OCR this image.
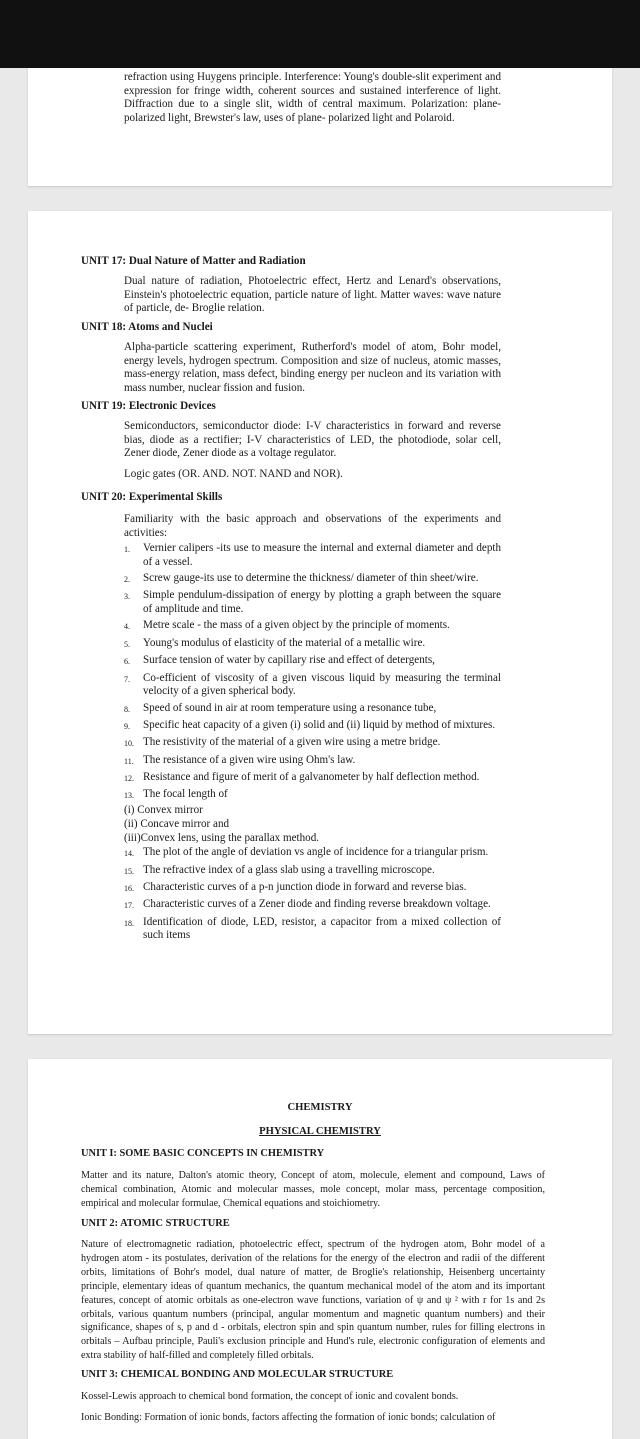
refraction using Huygens principle. Interference: Young's double-slit experiment and expression for fringe width, coherent sources and sustained interference of light. Diffraction due to a single slit, width of central maximum. Polarization: plane-polarized light, Brewster's law, uses of plane- polarized light and Polaroid.

UNIT 17: Dual Nature of Matter and Radiation

Dual nature of radiation, Photoelectric effect, Hertz and Lenard's observations, Einstein's photoelectric equation, particle nature of light. Matter waves: wave nature of particle, de- Broglie relation.

UNIT 18: Atoms and Nuclei

Alpha-particle scattering experiment, Rutherford's model of atom, Bohr model, energy levels, hydrogen spectrum. Composition and size of nucleus, atomic masses, mass-energy relation, mass defect, binding energy per nucleon and its variation with mass number, nuclear fission and fusion.

UNIT 19: Electronic Devices

Semiconductors, semiconductor diode: I-V characteristics in forward and reverse bias, diode as a rectifier; I-V characteristics of LED, the photodiode, solar cell, Zener diode, Zener diode as a voltage regulator.

Logic gates (OR. AND. NOT. NAND and NOR).

UNIT 20: Experimental Skills

Familiarity with the basic approach and observations of the experiments and activities:

1.	Vernier calipers -its use to measure the internal and external diameter and depth of a vessel.
2.	Screw gauge-its use to determine the thickness/ diameter of thin sheet/wire.
3.	Simple pendulum-dissipation of energy by plotting a graph between the square of amplitude and time.
4.	Metre scale - the mass of a given object by the principle of moments.
5.	Young's modulus of elasticity of the material of a metallic wire.
6.	Surface tension of water by capillary rise and effect of detergents,
7.	Co-efficient of viscosity of a given viscous liquid by measuring the terminal velocity of a given spherical body.
8.	Speed of sound in air at room temperature using a resonance tube,
9.	Specific heat capacity of a given (i) solid and (ii) liquid by method of mixtures.
10. The resistivity of the material of a given wire using a metre bridge.
11. The resistance of a given wire using Ohm's law.
12. Resistance and figure of merit of a galvanometer by half deflection method.
13. The focal length of
(i) Convex mirror
(ii) Concave mirror and
(iii)Convex lens, using the parallax method.
14. The plot of the angle of deviation vs angle of incidence for a triangular prism.
15. The refractive index of a glass slab using a travelling microscope.
16. Characteristic curves of a p-n junction diode in forward and reverse bias.
17. Characteristic curves of a Zener diode and finding reverse breakdown voltage.
18. Identification of diode, LED, resistor, a capacitor from a mixed collection of such items

CHEMISTRY

PHYSICAL CHEMISTRY

UNIT I: SOME BASIC CONCEPTS IN CHEMISTRY

Matter and its nature, Dalton's atomic theory, Concept of atom, molecule, element and compound, Laws of chemical combination, Atomic and molecular masses, mole concept, molar mass, percentage composition, empirical and molecular formulae, Chemical equations and stoichiometry.

UNIT 2: ATOMIC STRUCTURE

Nature of electromagnetic radiation, photoelectric effect, spectrum of the hydrogen atom, Bohr model of a hydrogen atom - its postulates, derivation of the relations for the energy of the electron and radii of the different orbits, limitations of Bohr's model, dual nature of matter, de Broglie's relationship, Heisenberg uncertainty principle, elementary ideas of quantum mechanics, the quantum mechanical model of the atom and its important features, concept of atomic orbitals as one-electron wave functions, variation of ψ and ψ ² with r for 1s and 2s orbitals, various quantum numbers (principal, angular momentum and magnetic quantum numbers) and their significance, shapes of s, p and d - orbitals, electron spin and spin quantum number, rules for filling electrons in orbitals – Aufbau principle, Pauli's exclusion principle and Hund's rule, electronic configuration of elements and extra stability of half-filled and completely filled orbitals.

UNIT 3: CHEMICAL BONDING AND MOLECULAR STRUCTURE

Kossel-Lewis approach to chemical bond formation, the concept of ionic and covalent bonds.

Ionic Bonding: Formation of ionic bonds, factors affecting the formation of ionic bonds; calculation of
